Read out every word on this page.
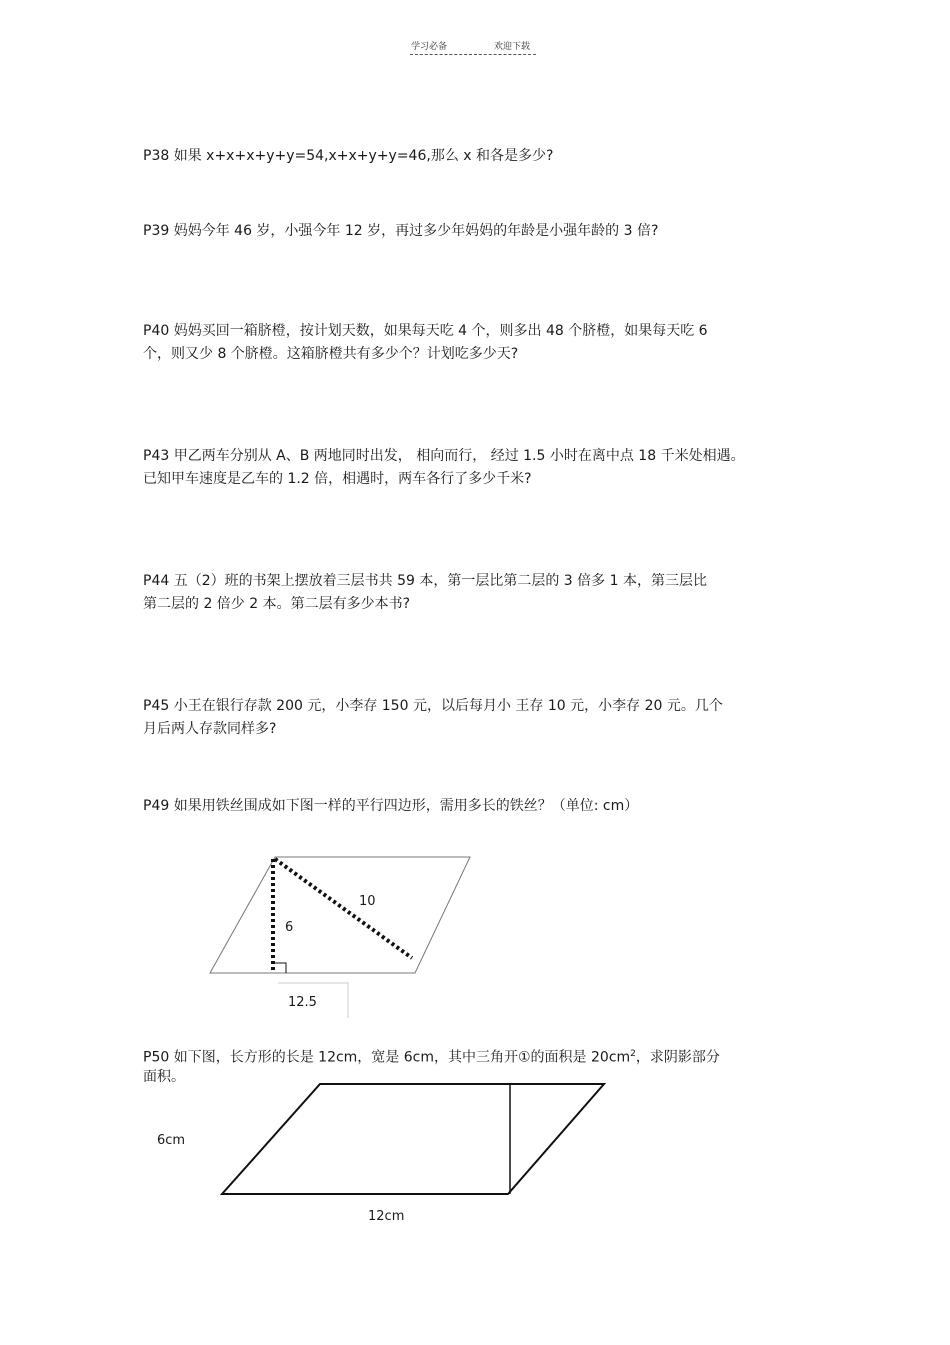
学习必备	欢迎下载
P38 如果 x+x+x+y+y=54,x+x+y+y=46,那么 x 和各是多少?
P39 妈妈今年 46 岁，小强今年 12 岁，再过多少年妈妈的年龄是小强年龄的 3 倍?
P40 妈妈买回一箱脐橙，按计划天数，如果每天吃 4 个，则多出 48 个脐橙，如果每天吃 6
个，则又少 8 个脐橙。这箱脐橙共有多少个？计划吃多少天?
P43 甲乙两车分别从 A、B 两地同时出发， 相向而行， 经过 1.5 小时在离中点 18 千米处相遇。
已知甲车速度是乙车的 1.2 倍，相遇时，两车各行了多少千米?
P44 五（2）班的书架上摆放着三层书共 59 本，第一层比第二层的 3 倍多 1 本，第三层比
第二层的 2 倍少 2 本。第二层有多少本书?
P45 小王在银行存款 200 元，小李存 150 元，以后每月小 王存 10 元，小李存 20 元。几个
月后两人存款同样多?
P49 如果用铁丝围成如下图一样的平行四边形，需用多长的铁丝？（单位: cm）
10
6
12.5
P50 如下图，长方形的长是 12cm，宽是 6cm，其中三角开①的面积是 $20cm^2$，求阴影部分
面积。
6cm
12cm
